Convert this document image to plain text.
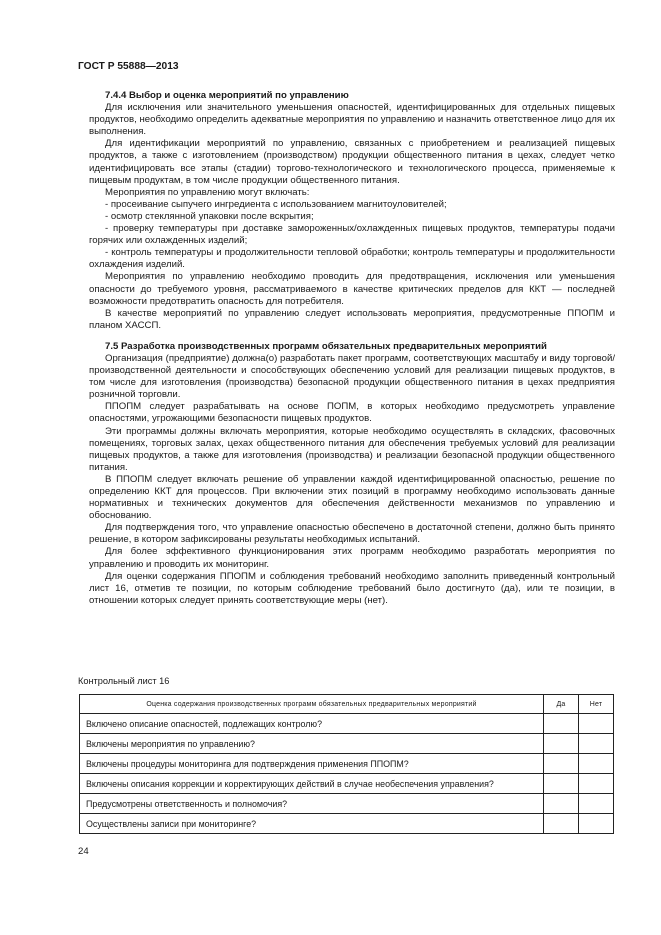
ГОСТ Р 55888—2013

7.4.4 Выбор и оценка мероприятий по управлению

Для исключения или значительного уменьшения опасностей, идентифицированных для отдельных пищевых продуктов, необходимо определить адекватные мероприятия по управлению и назначить ответственное лицо для их выполнения.

Для идентификации мероприятий по управлению, связанных с приобретением и реализацией пищевых продуктов, а также с изготовлением (производством) продукции общественного питания в цехах, следует четко идентифицировать все этапы (стадии) торгово-технологического и технологического процесса, применяемые к пищевым продуктам, в том числе продукции общественного питания.

Мероприятия по управлению могут включать:

- просеивание сыпучего ингредиента с использованием магнитоуловителей;

- осмотр стеклянной упаковки после вскрытия;

- проверку температуры при доставке замороженных/охлажденных пищевых продуктов, температуры подачи горячих или охлажденных изделий;

- контроль температуры и продолжительности тепловой обработки; контроль температуры и продолжительности охлаждения изделий.

Мероприятия по управлению необходимо проводить для предотвращения, исключения или уменьшения опасности до требуемого уровня, рассматриваемого в качестве критических пределов для ККТ — последней возможности предотвратить опасность для потребителя.

В качестве мероприятий по управлению следует использовать мероприятия, предусмотренные ППОПМ и планом ХАССП.

7.5 Разработка производственных программ обязательных предварительных мероприятий

Организация (предприятие) должна(о) разработать пакет программ, соответствующих масштабу и виду торговой/производственной деятельности и способствующих обеспечению условий для реализации пищевых продуктов, в том числе для изготовления (производства) безопасной продукции общественного питания в цехах предприятия розничной торговли.

ППОПМ следует разрабатывать на основе ПОПМ, в которых необходимо предусмотреть управление опасностями, угрожающими безопасности пищевых продуктов.

Эти программы должны включать мероприятия, которые необходимо осуществлять в складских, фасовочных помещениях, торговых залах, цехах общественного питания для обеспечения требуемых условий для реализации пищевых продуктов, а также для изготовления (производства) и реализации безопасной продукции общественного питания.

В ППОПМ следует включать решение об управлении каждой идентифицированной опасностью, решение по определению ККТ для процессов. При включении этих позиций в программу необходимо использовать данные нормативных и технических документов для обеспечения действенности механизмов по управлению и обоснованию.

Для подтверждения того, что управление опасностью обеспечено в достаточной степени, должно быть принято решение, в котором зафиксированы результаты необходимых испытаний.

Для более эффективного функционирования этих программ необходимо разработать мероприятия по управлению и проводить их мониторинг.

Для оценки содержания ППОПМ и соблюдения требований необходимо заполнить приведенный контрольный лист 16, отметив те позиции, по которым соблюдение требований было достигнуто (да), или те позиции, в отношении которых следует принять соответствующие меры (нет).

Контрольный лист 16
Оценка содержания производственных программ обязательных предварительных мероприятий	Да	Нет
Включено описание опасностей, подлежащих контролю?		
Включены мероприятия по управлению?		
Включены процедуры мониторинга для подтверждения применения ППОПМ?		
Включены описания коррекции и корректирующих действий в случае необеспечения управления?		
Предусмотрены ответственность и полномочия?		
Осуществлены записи при мониторинге?		
24
